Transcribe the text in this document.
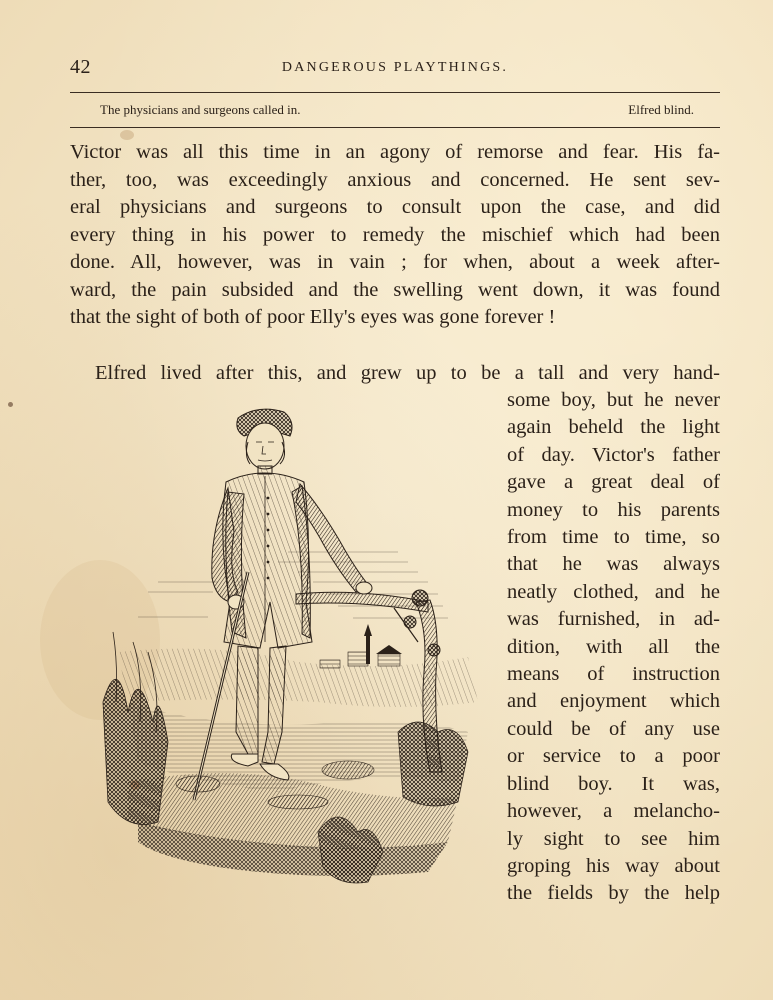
42	DANGEROUS PLAYTHINGS.
The physicians and surgeons called in.	Elfred blind.
Victor was all this time in an agony of remorse and fear. His fa-
ther, too, was exceedingly anxious and concerned. He sent sev-
eral physicians and surgeons to consult upon the case, and did
every thing in his power to remedy the mischief which had been
done. All, however, was in vain ; for when, about a week after-
ward, the pain subsided and the swelling went down, it was found
that the sight of both of poor Elly's eyes was gone forever !
Elfred lived after this, and grew up to be a tall and very hand-
some boy, but he never
again beheld the light
of day. Victor's father
gave a great deal of
money to his parents
from time to time, so
that he was always
neatly clothed, and he
was furnished, in ad-
dition, with all the
means of instruction
and enjoyment which
could be of any use
or service to a poor
blind boy. It was,
however, a melancho-
ly sight to see him
groping his way about
the fields by the help
